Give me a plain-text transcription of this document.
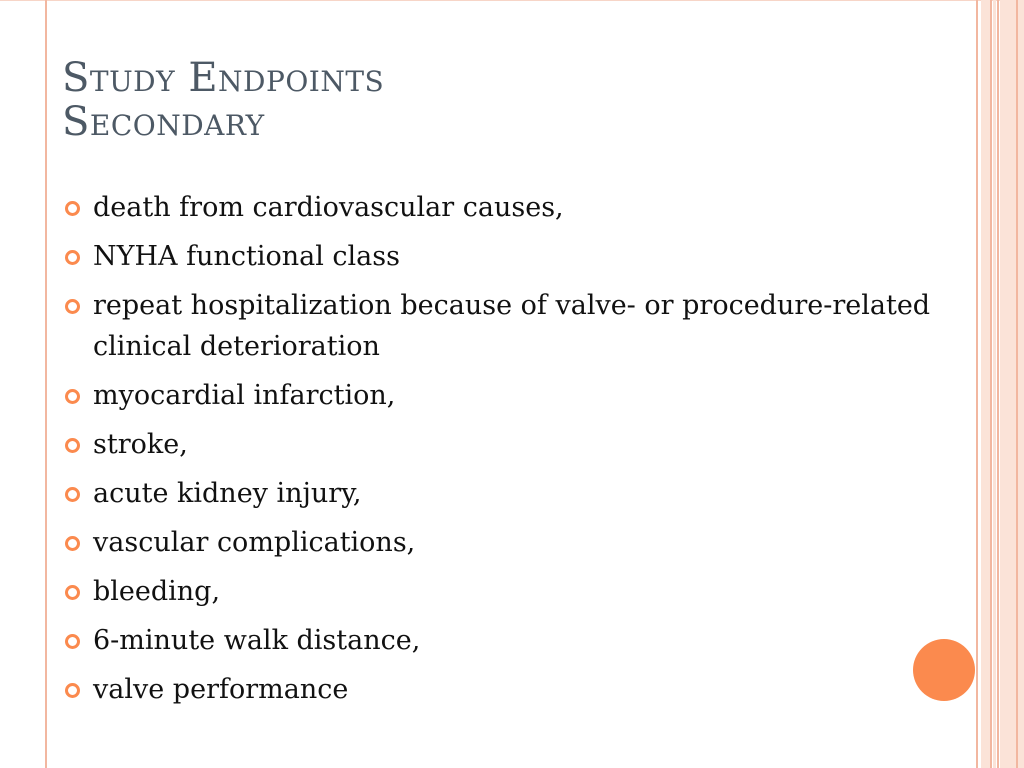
Study Endpoints
Secondary
death from cardiovascular causes,
NYHA functional class
repeat hospitalization because of valve- or procedure-related clinical deterioration
myocardial infarction,
stroke,
acute kidney injury,
vascular complications,
bleeding,
6-minute walk distance,
valve performance
